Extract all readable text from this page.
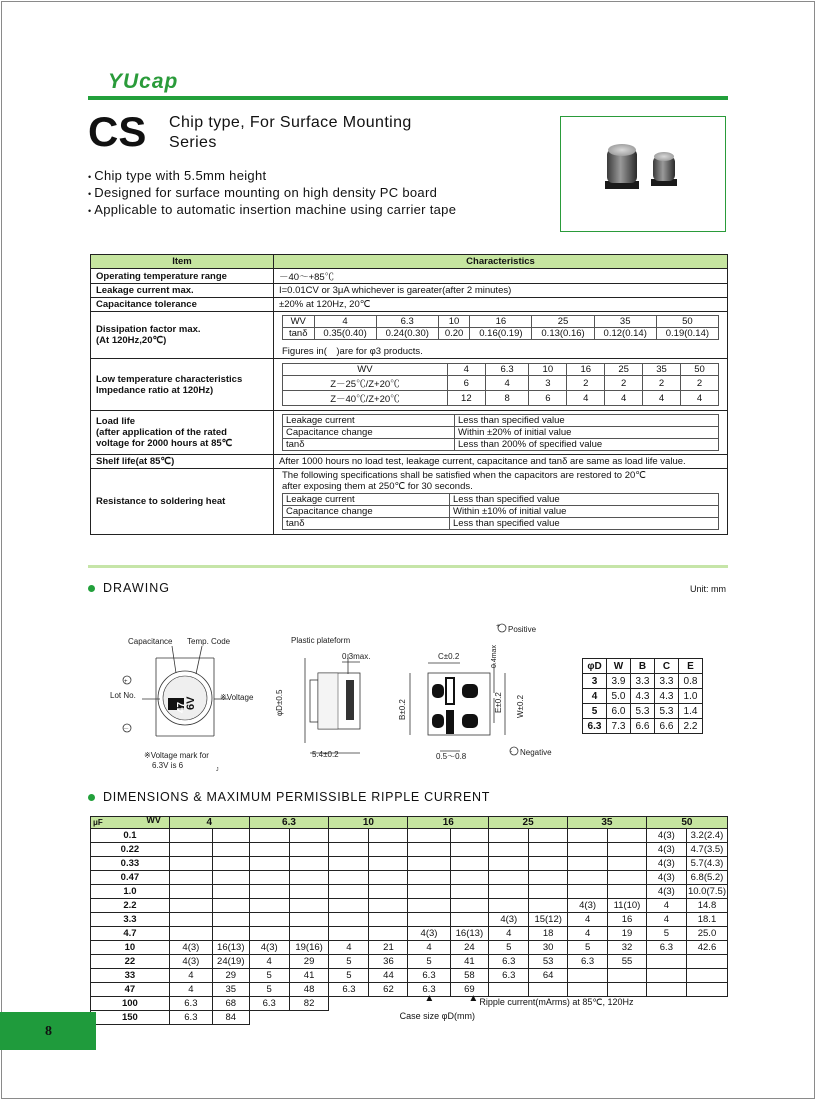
YUcap
CS Chip type, For Surface Mounting
Series
• Chip type with 5.5mm height
• Designed for surface mounting on high density PC board
• Applicable to automatic insertion machine using carrier tape
Item	Characteristics
Operating temperature range	－40～+85℃
Leakage current max.	I=0.01CV or 3μA whichever is gareater(after 2 minutes)
Capacitance tolerance	±20% at 120Hz, 20℃

Dissipation factor max.
(At 120Hz,20℃)

WV	4	6.3	10	16	25	35	50
tanδ	0.35(0.40)	0.24(0.30)	0.20	0.16(0.19)	0.13(0.16)	0.12(0.14)	0.19(0.14)
Figures in(　)are for φ3 products.

Low temperature characteristics
Impedance ratio at 120Hz)

WV	4	6.3	10	16	25	35	50
Z－25℃/Z+20℃	6	4	3	2	2	2	2
Z－40℃/Z+20℃	12	8	6	4	4	4	4

Load life
(after application of the rated
voltage for 2000 hours at 85℃

Leakage current	Less than specified value
Capacitance change	Within ±20% of initial value
tanδ	Less than 200% of specified value

Shelf life(at 85℃)	After 1000 hours no load test, leakage current, capacitance and tanδ are same as load life value.
Resistance to soldering heat	
The following specifications shall be satisfied when the capacitors are restored to 20℃
after exposing them at 250℃ for 30 seconds.
Leakage current	Less than specified value
Capacitance change	Within ±10% of initial value
tanδ	Less than specified value
DRAWING	Unit: mm
Capacitance Temp. Code
Lot No.	※Voltage
+
－
※Voltage mark for
6.3V is 6	J
Plastic plateform
0.3max.
5.4±0.2
Positive
Negative
C±0.2
0.5～0.8
+
-
φD±0.5	B±0.2	E±0.2 W±0.2
0.4max
47
6V
φD	W	B	C	E
3	3.9	3.3	3.3	0.8
4	5.0	4.3	4.3	1.0
5	6.0	5.3	5.3	1.4
6.3	7.3	6.6	6.6	2.2
DIMENSIONS & MAXIMUM PERMISSIBLE RIPPLE CURRENT
μF WV	4		6.3		10		16		25		35		50	
0.1													4(3)	3.2(2.4)
0.22													4(3)	4.7(3.5)
0.33													4(3)	5.7(4.3)
0.47													4(3)	6.8(5.2)
1.0													4(3)	10.0(7.5)
2.2											4(3)	11(10)	4	14.8
3.3									4(3)	15(12)	4	16	4	18.1
4.7							4(3)	16(13)	4	18	4	19	5	25.0
10	4(3)	16(13)	4(3)	19(16)	4	21	4	24	5	30	5	32	6.3	42.6
22	4(3)	24(19)	4	29	5	36	5	41	6.3	53	6.3	55		
33	4	29	5	41	5	44	6.3	58	6.3	64				
47	4	35	5	48	6.3	62	6.3	69						
100	6.3	68	6.3	82	Ripple current(mArms) at 85℃, 120Hz
▲ ▲									

150	6.3	84	Case size φD(mm)											
8
